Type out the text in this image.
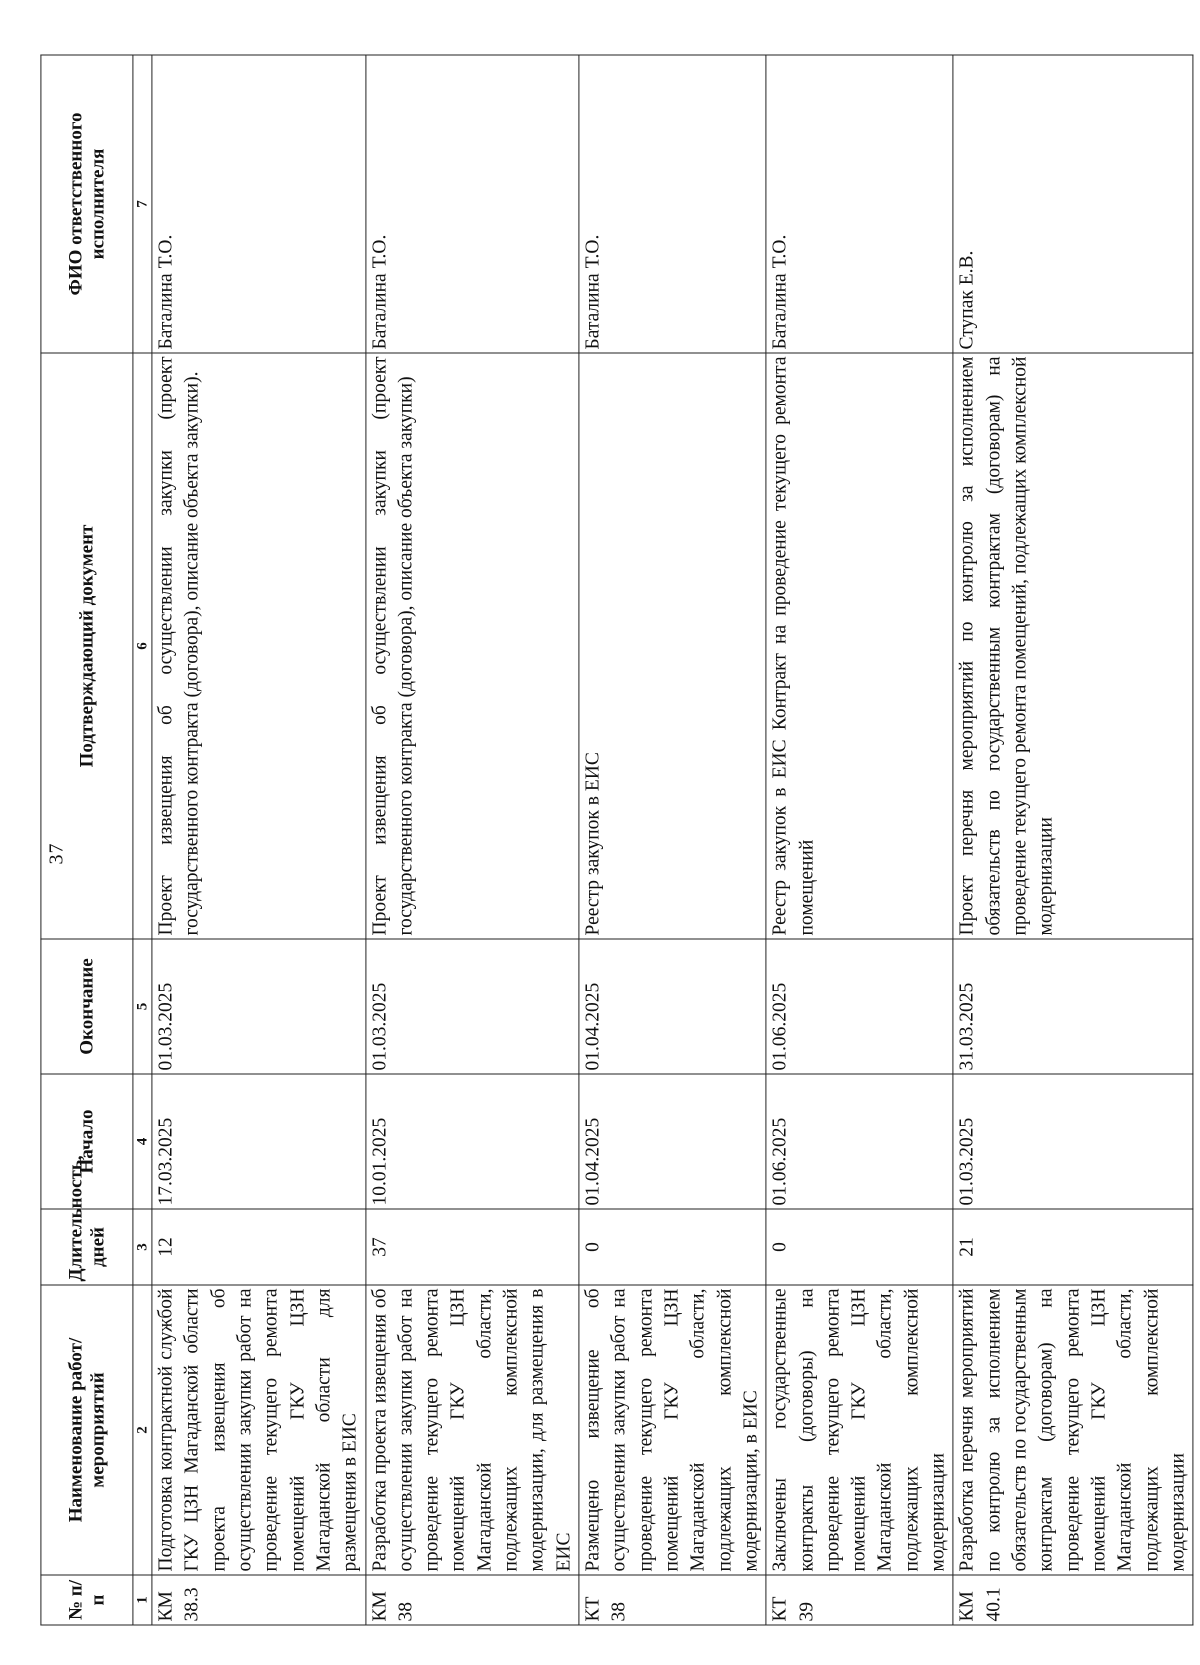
37
№ п/п	Наименование работ/ мероприятий	Длительность, дней	Начало	Окончание	Подтверждающий документ	ФИО ответственного исполнителя
1	2	3	4	5	6	7
КМ 38.3	Подготовка контрактной службой ГКУ ЦЗН Магаданской области проекта извещения об осуществлении закупки работ на проведение текущего ремонта помещений ГКУ ЦЗН Магаданской области для размещения в ЕИС	12	17.03.2025	01.03.2025	Проект извещения об осуществлении закупки (проект государственного контракта (договора), описание объекта закупки).	Баталина Т.О.
КМ 38	Разработка проекта извещения об осуществлении закупки работ на проведение текущего ремонта помещений ГКУ ЦЗН Магаданской области, подлежащих комплексной модернизации, для размещения в ЕИС	37	10.01.2025	01.03.2025	Проект извещения об осуществлении закупки (проект государственного контракта (договора), описание объекта закупки)	Баталина Т.О.
КТ 38	Размещено извещение об осуществлении закупки работ на проведение текущего ремонта помещений ГКУ ЦЗН Магаданской области, подлежащих комплексной модернизации, в ЕИС	0	01.04.2025	01.04.2025	Реестр закупок в ЕИС	Баталина Т.О.
КТ 39	Заключены государственные контракты (договоры) на проведение текущего ремонта помещений ГКУ ЦЗН Магаданской области, подлежащих комплексной модернизации	0	01.06.2025	01.06.2025	Реестр закупок в ЕИС Контракт на проведение текущего ремонта помещений	Баталина Т.О.
КМ 40.1	Разработка перечня мероприятий по контролю за исполнением обязательств по государственным контрактам (договорам) на проведение текущего ремонта помещений ГКУ ЦЗН Магаданской области, подлежащих комплексной модернизации	21	01.03.2025	31.03.2025	Проект перечня мероприятий по контролю за исполнением обязательств по государственным контрактам (договорам) на проведение текущего ремонта помещений, подлежащих комплексной модернизации	Ступак Е.В.
